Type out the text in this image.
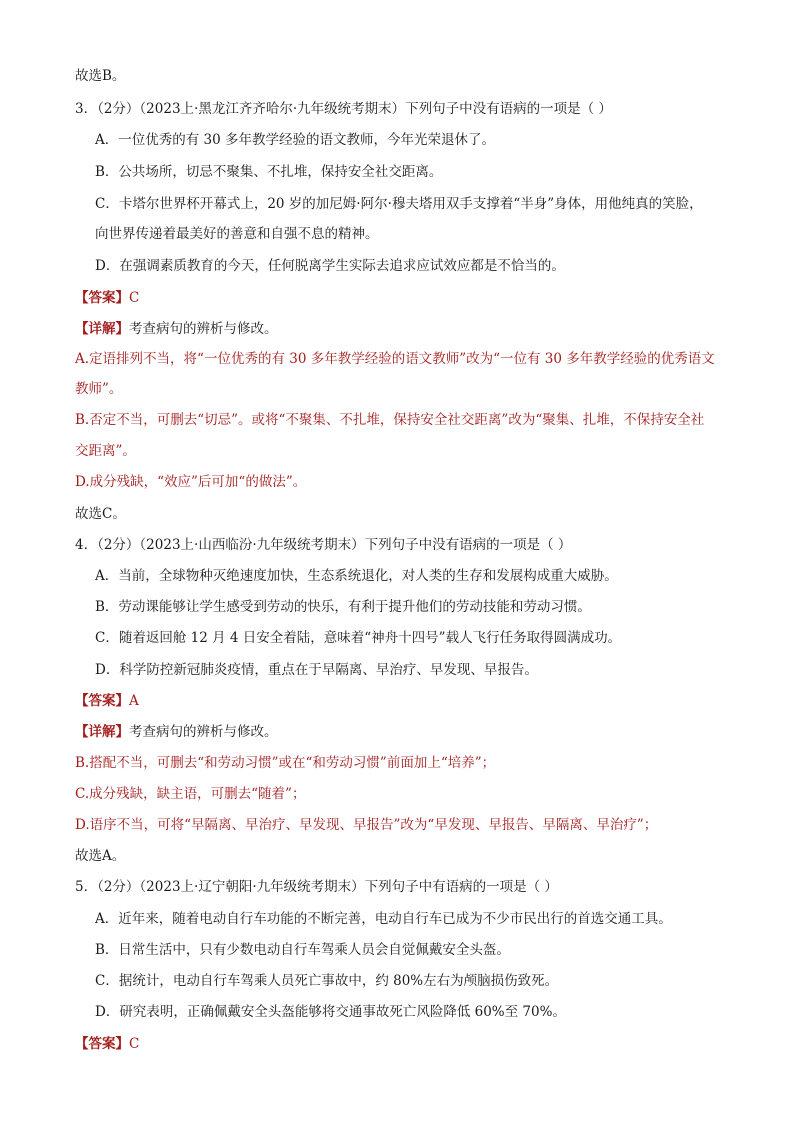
故选B。
3．（2分）（2023上·黑龙江齐齐哈尔·九年级统考期末）下列句子中没有语病的一项是（ ）
A．一位优秀的有 30 多年教学经验的语文教师，今年光荣退休了。
B．公共场所，切忌不聚集、不扎堆，保持安全社交距离。
C．卡塔尔世界杯开幕式上，20 岁的加尼姆·阿尔·穆夫塔用双手支撑着“半身”身体，用他纯真的笑脸，
向世界传递着最美好的善意和自强不息的精神。
D．在强调素质教育的今天，任何脱离学生实际去追求应试效应都是不恰当的。
【答案】C
【详解】考查病句的辨析与修改。
A.定语排列不当，将“一位优秀的有 30 多年教学经验的语文教师”改为“一位有 30 多年教学经验的优秀语文
教师”。
B.否定不当，可删去“切忌”。或将“不聚集、不扎堆，保持安全社交距离”改为“聚集、扎堆，不保持安全社
交距离”。
D.成分残缺，“效应”后可加“的做法”。
故选C。
4．（2分）（2023上·山西临汾·九年级统考期末）下列句子中没有语病的一项是（ ）
A．当前，全球物种灭绝速度加快，生态系统退化，对人类的生存和发展构成重大威胁。
B．劳动课能够让学生感受到劳动的快乐，有利于提升他们的劳动技能和劳动习惯。
C．随着返回舱 12 月 4 日安全着陆，意味着“神舟十四号”载人飞行任务取得圆满成功。
D．科学防控新冠肺炎疫情，重点在于早隔离、早治疗、早发现、早报告。
【答案】A
【详解】考查病句的辨析与修改。
B.搭配不当，可删去“和劳动习惯”或在“和劳动习惯”前面加上“培养”；
C.成分残缺，缺主语，可删去“随着”；
D.语序不当，可将“早隔离、早治疗、早发现、早报告”改为“早发现、早报告、早隔离、早治疗”；
故选A。
5．（2分）（2023上·辽宁朝阳·九年级统考期末）下列句子中有语病的一项是（ ）
A．近年来，随着电动自行车功能的不断完善，电动自行车已成为不少市民出行的首选交通工具。
B．日常生活中，只有少数电动自行车驾乘人员会自觉佩戴安全头盔。
C．据统计，电动自行车驾乘人员死亡事故中，约 80%左右为颅脑损伤致死。
D．研究表明，正确佩戴安全头盔能够将交通事故死亡风险降低 60%至 70%。
【答案】C
